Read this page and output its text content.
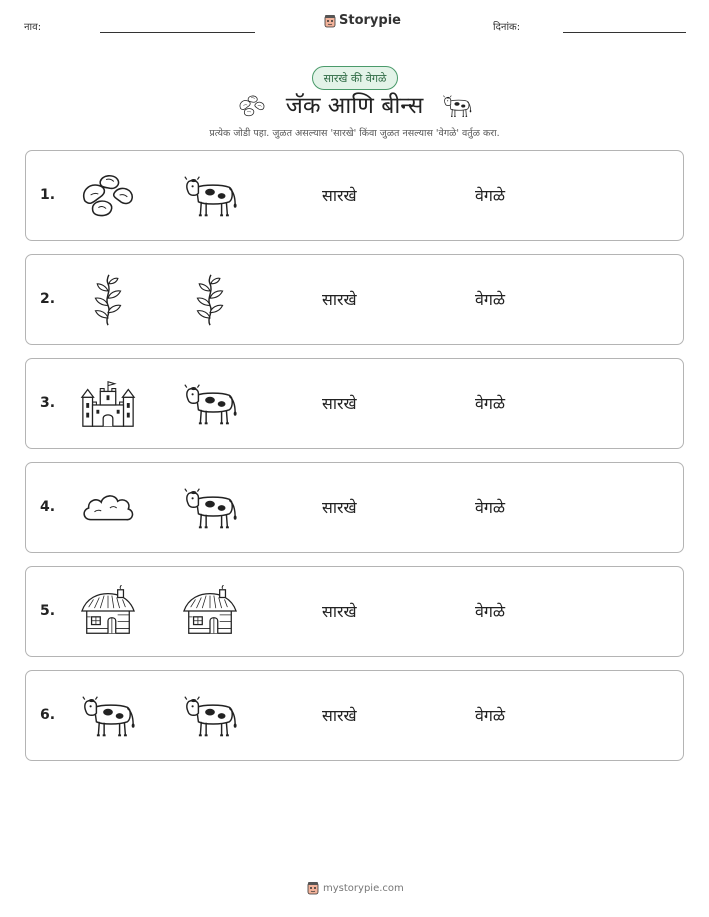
नाव:	Storypie	दिनांक:
सारखे की वेगळे
जॅक आणि बीन्स
प्रत्येक जोडी पहा. जुळत असल्यास 'सारखे' किंवा जुळत नसल्यास 'वेगळे' वर्तुळ करा.
1.	सारखे	वेगळे
2.	सारखे	वेगळे
3.	सारखे	वेगळे
4.	सारखे	वेगळे
5.	सारखे	वेगळे
6.	सारखे	वेगळे
mystorypie.com
